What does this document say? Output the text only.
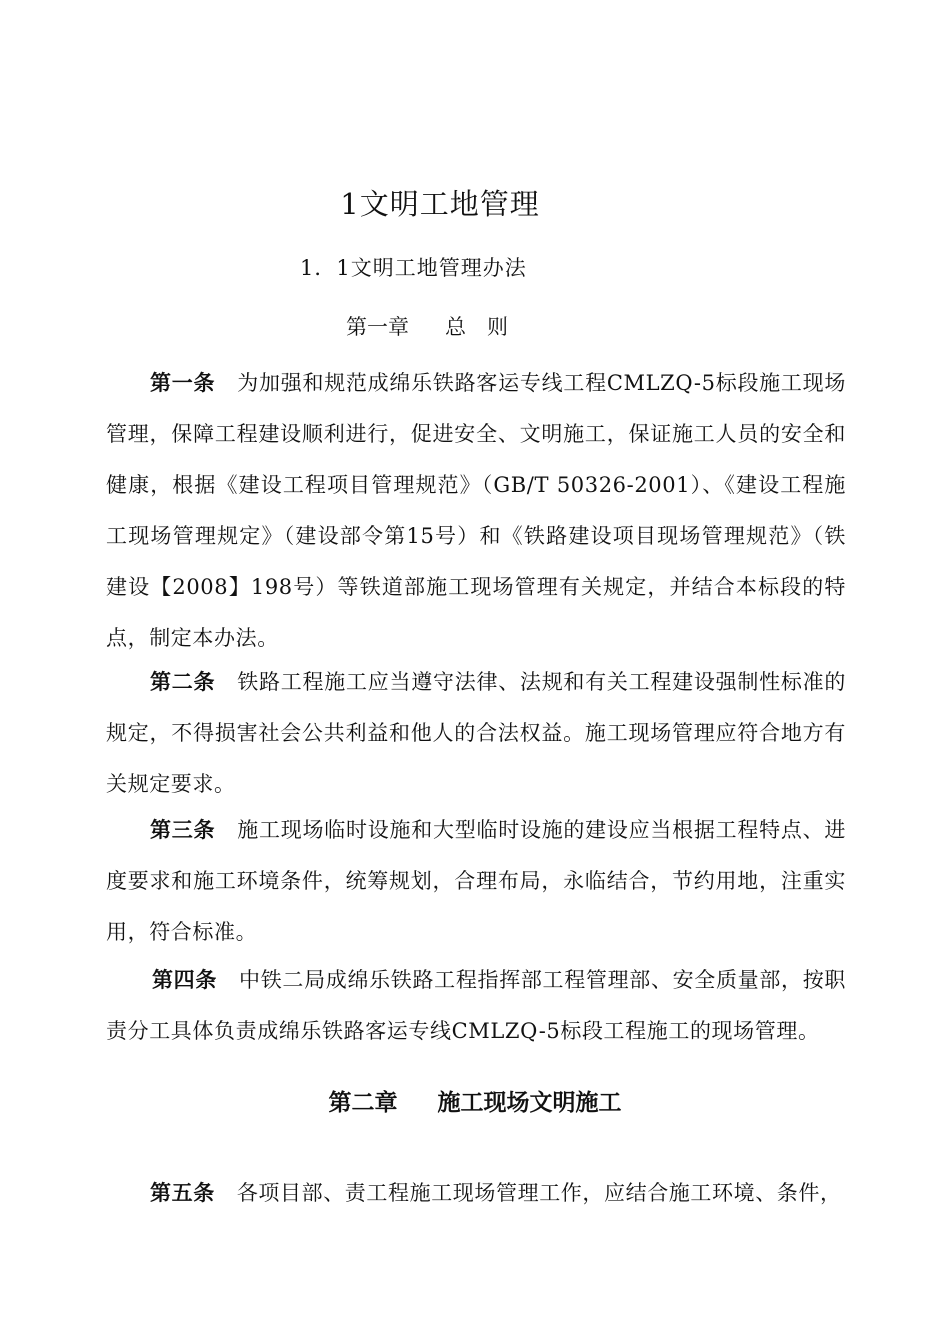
1文明工地管理
1．1文明工地管理办法
第一章 总　则
第一条 为加强和规范成绵乐铁路客运专线工程CMLZQ-5标段施工现场管理，保障工程建设顺利进行，促进安全、文明施工，保证施工人员的安全和健康，根据《建设工程项目管理规范》（GB/T 50326-2001）、《建设工程施工现场管理规定》（建设部令第15号）和《铁路建设项目现场管理规范》（铁建设【2008】198号）等铁道部施工现场管理有关规定，并结合本标段的特点，制定本办法。
第二条 铁路工程施工应当遵守法律、法规和有关工程建设强制性标准的规定，不得损害社会公共利益和他人的合法权益。施工现场管理应符合地方有关规定要求。
第三条 施工现场临时设施和大型临时设施的建设应当根据工程特点、进度要求和施工环境条件，统筹规划，合理布局，永临结合，节约用地，注重实用，符合标准。
第四条 中铁二局成绵乐铁路工程指挥部工程管理部、安全质量部，按职责分工具体负责成绵乐铁路客运专线CMLZQ-5标段工程施工的现场管理。
第二章 施工现场文明施工
第五条 各项目部、责工程施工现场管理工作，应结合施工环境、条件，
